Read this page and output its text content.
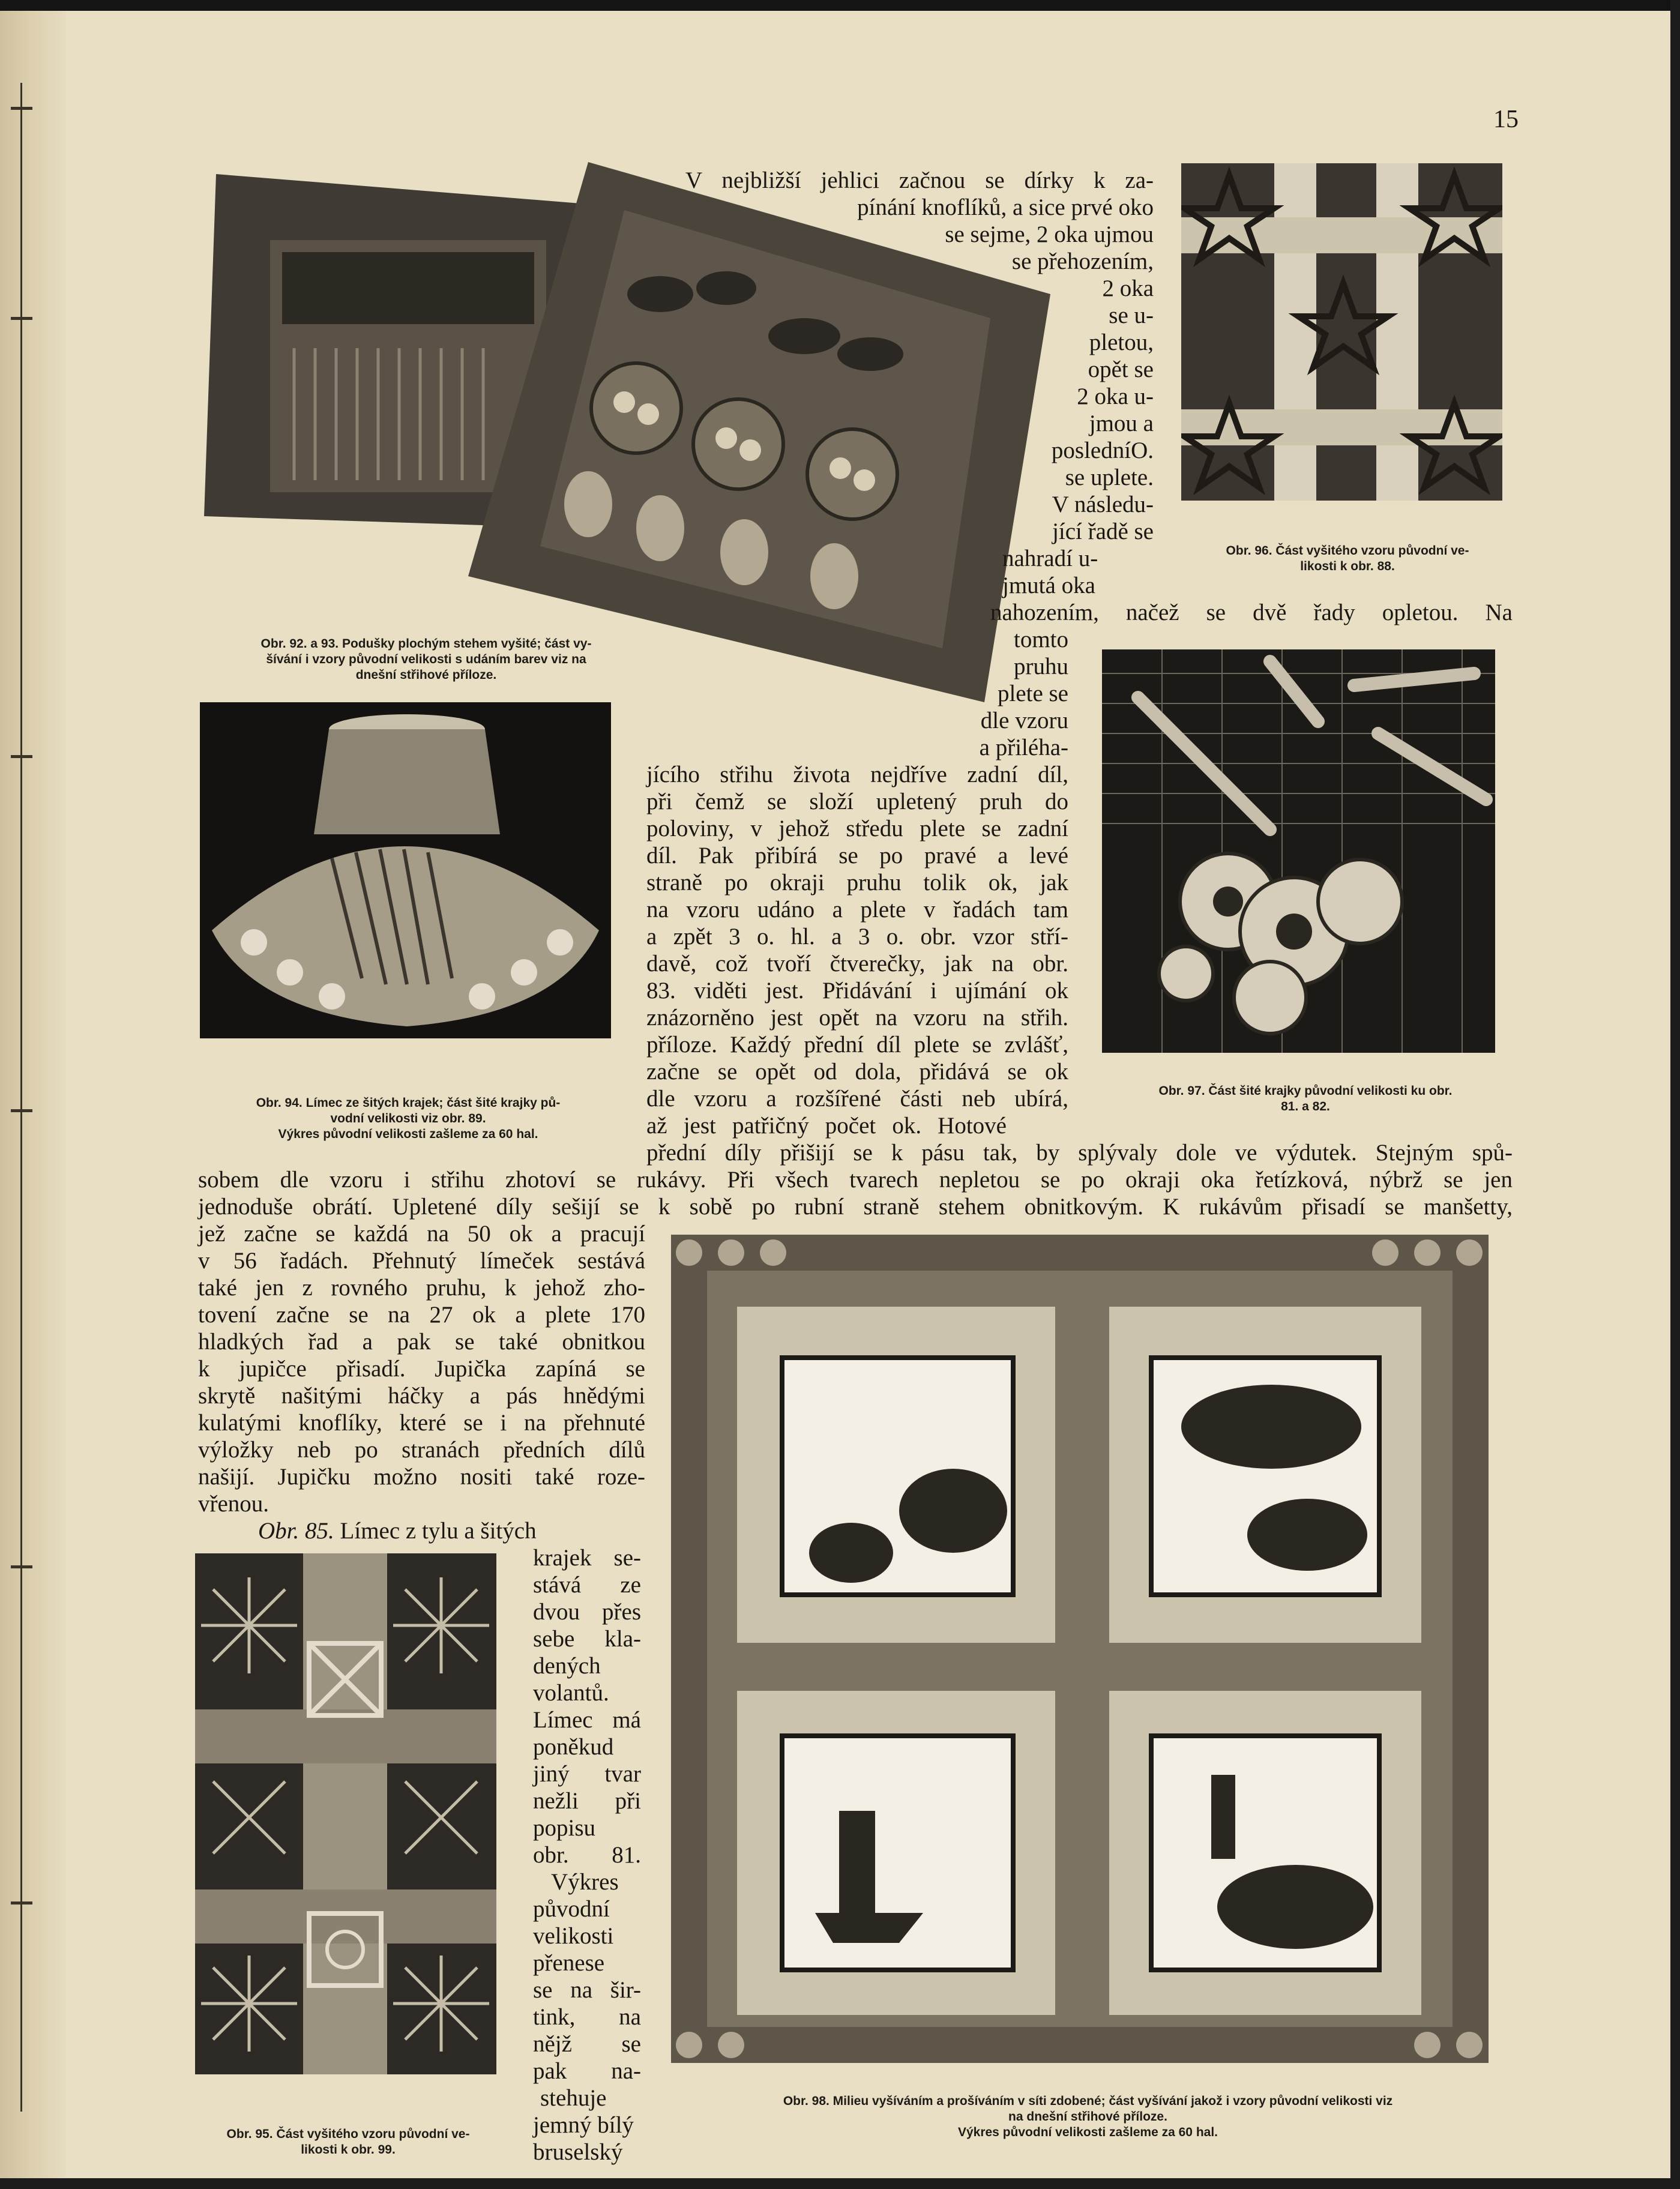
15
Obr. 92. a 93. Podušky plochým stehem vyšité; část vy-
šívání i vzory původní velikosti s udáním barev viz na
dnešní střihové příloze.
Obr. 94. Límec ze šitých krajek; část šité krajky pů-
vodní velikosti viz obr. 89.
Výkres původní velikosti zašleme za 60 hal.
Obr. 96. Část vyšitého vzoru původní ve-
likosti k obr. 88.
Obr. 97. Část šité krajky původní velikosti ku obr.
81. a 82.
Obr. 95. Část vyšitého vzoru původní ve-
likosti k obr. 99.
Obr. 98. Milieu vyšíváním a prošíváním v síti zdobené; část vyšívání jakož i vzory původní velikosti viz
na dnešní střihové příloze.
Výkres původní velikosti zašleme za 60 hal.
V nejbližší jehlici začnou se dírky k za-
pínání knoflíků, a sice prvé oko
se sejme, 2 oka ujmou
se přehozením,
2 oka
se u-
pletou,
opět se
2 oka u-
jmou a
posledníO.
se uplete.
V následu-
jící řadě se
nahradí u-
jmutá oka
nahozením, načež se dvě řady opletou. Na
tomto
pruhu
plete se
dle vzoru
a přiléha-
jícího střihu života nejdříve zadní díl,
při čemž se složí upletený pruh do
poloviny, v jehož středu plete se zadní
díl. Pak přibírá se po pravé a levé
straně po okraji pruhu tolik ok, jak
na vzoru udáno a plete v řadách tam
a zpět 3 o. hl. a 3 o. obr. vzor stří-
davě, což tvoří čtverečky, jak na obr.
83. viděti jest. Přidávání i ujímání ok
znázorněno jest opět na vzoru na střih.
příloze. Každý přední díl plete se zvlášť,
začne se opět od dola, přidává se ok
dle vzoru a rozšířené části neb ubírá,
až jest patřičný počet ok. Hotové
přední díly přišijí se k pásu tak, by splývaly dole ve výdutek. Stejným spů-
sobem dle vzoru i střihu zhotoví se rukávy. Při všech tvarech nepletou se po okraji oka řetízková, nýbrž se jen
jednoduše obrátí. Upletené díly sešijí se k sobě po rubní straně stehem obnitkovým. K rukávům přisadí se manšetty,
jež začne se každá na 50 ok a pracují
v 56 řadách. Přehnutý límeček sestává
také jen z rovného pruhu, k jehož zho-
tovení začne se na 27 ok a plete 170
hladkých řad a pak se také obnitkou
k jupičce přisadí. Jupička zapíná se
skrytě našitými háčky a pás hnědými
kulatými knoflíky, které se i na přehnuté
výložky neb po stranách předních dílů
našijí. Jupičku možno nositi také roze-
vřenou.
Obr. 85. Límec z tylu a šitých
krajek se-
stává ze
dvou přes
sebe kla-
dených
volantů.
Límec má
poněkud
jiný tvar
nežli při
popisu
obr. 81.
Výkres
původní
velikosti
přenese
se na šir-
tink, na
nějž se
pak na-
stehuje
jemný bílý
bruselský
